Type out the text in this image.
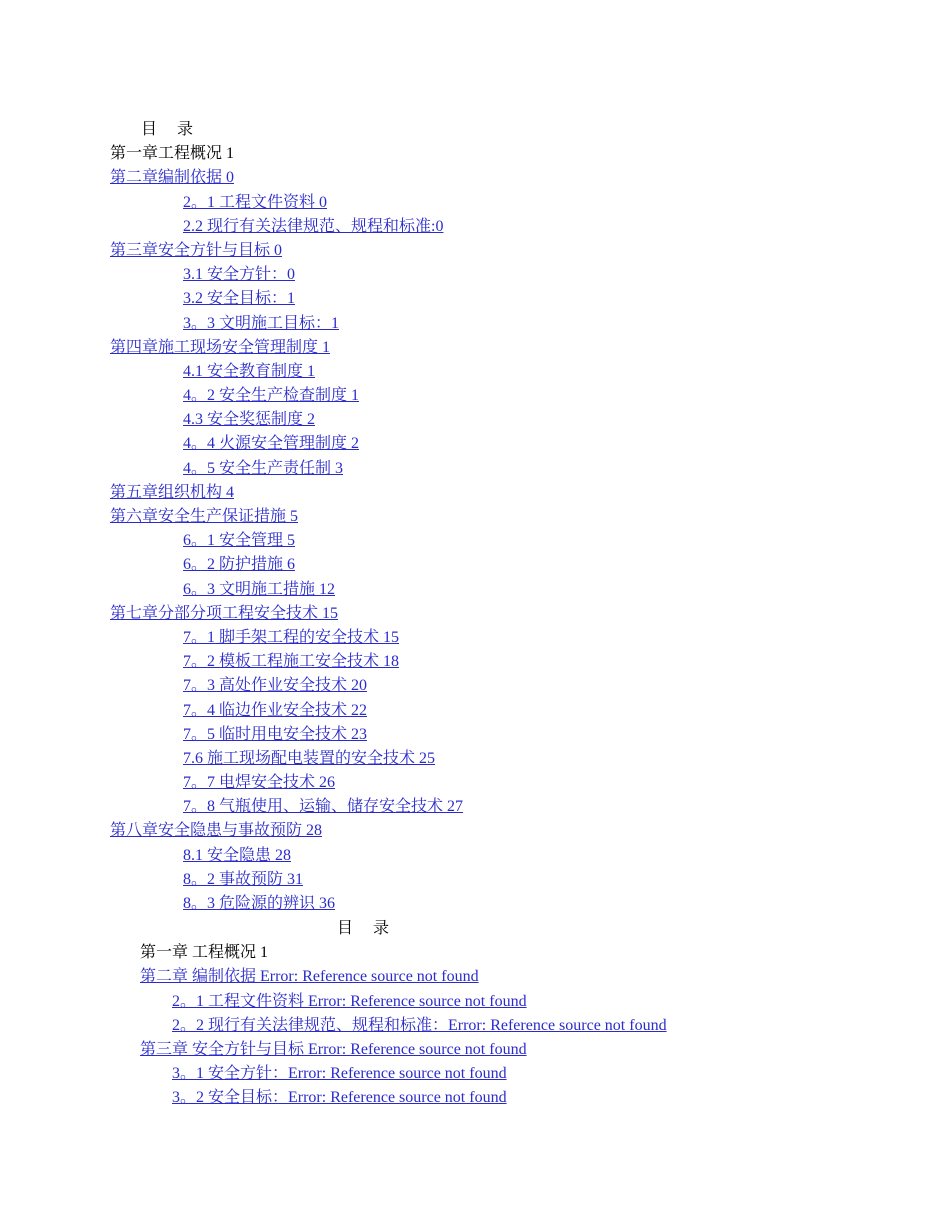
目 录
第一章工程概况 1
第二章编制依据 0
2。1 工程文件资料 0
2.2 现行有关法律规范、规程和标准:0
第三章安全方针与目标 0
3.1 安全方针：0
3.2 安全目标：1
3。3 文明施工目标：1
第四章施工现场安全管理制度 1
4.1 安全教育制度 1
4。2 安全生产检查制度 1
4.3 安全奖惩制度 2
4。4 火源安全管理制度 2
4。5 安全生产责任制 3
第五章组织机构 4
第六章安全生产保证措施 5
6。1 安全管理 5
6。2 防护措施 6
6。3 文明施工措施 12
第七章分部分项工程安全技术 15
7。1 脚手架工程的安全技术 15
7。2 模板工程施工安全技术 18
7。3 高处作业安全技术 20
7。4 临边作业安全技术 22
7。5 临时用电安全技术 23
7.6 施工现场配电装置的安全技术 25
7。7 电焊安全技术 26
7。8 气瓶使用、运输、储存安全技术 27
第八章安全隐患与事故预防 28
8.1 安全隐患 28
8。2 事故预防 31
8。3 危险源的辨识 36
目 录
第一章 工程概况 1
第二章 编制依据 Error: Reference source not found
2。1 工程文件资料 Error: Reference source not found
2。2 现行有关法律规范、规程和标准：Error: Reference source not found
第三章 安全方针与目标 Error: Reference source not found
3。1 安全方针：Error: Reference source not found
3。2 安全目标：Error: Reference source not found
